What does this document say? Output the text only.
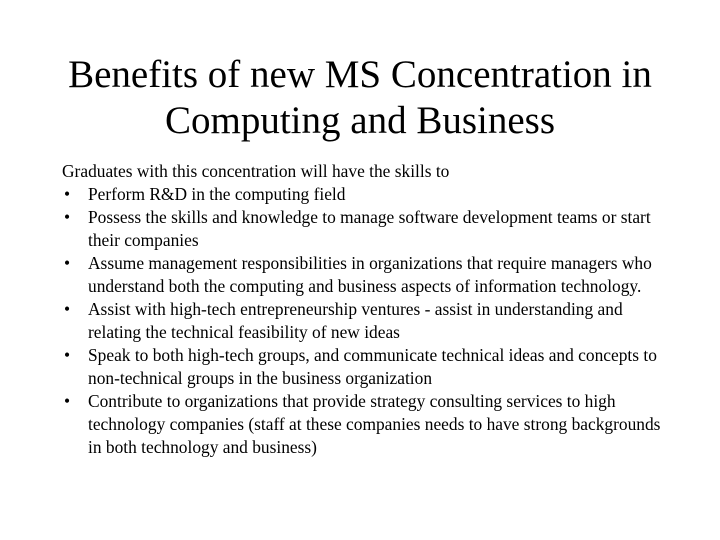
Benefits of new MS Concentration in
Computing and Business

Graduates with this concentration will have the skills to

• Perform R&D in the computing field
• Possess the skills and knowledge to manage software development teams or start their companies
• Assume management responsibilities in organizations that require managers who understand both the computing and business aspects of information technology.
• Assist with high-tech entrepreneurship ventures - assist in understanding and relating the technical feasibility of new ideas
• Speak to both high-tech groups, and communicate technical ideas and concepts to non-technical groups in the business organization
• Contribute to organizations that provide strategy consulting services to high technology companies (staff at these companies needs to have strong backgrounds in both technology and business)
